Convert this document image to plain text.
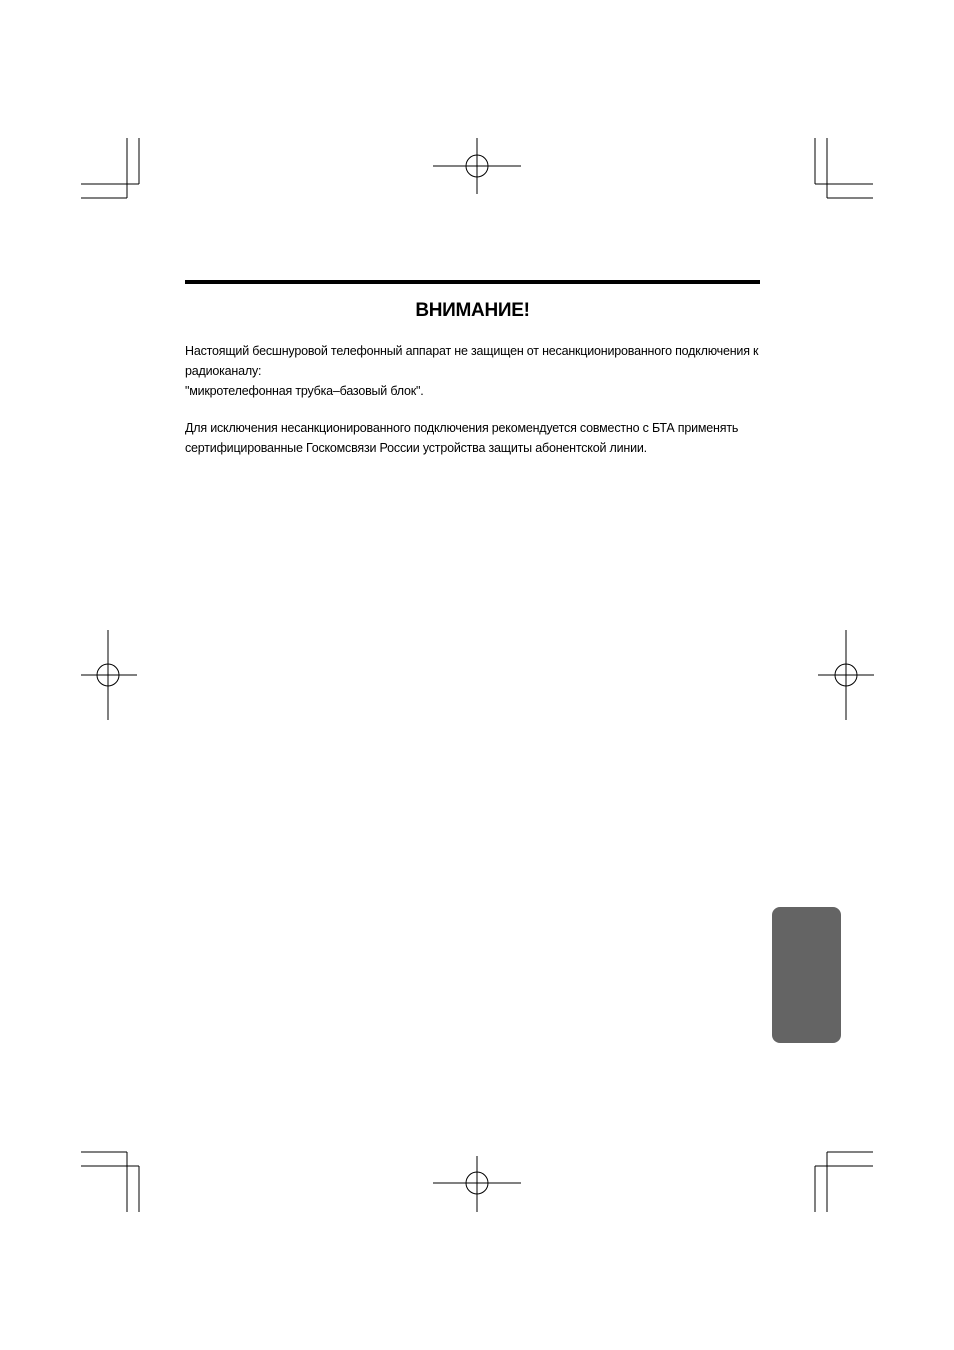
ВНИМАНИЕ!

Настоящий бесшнуровой телефонный аппарат не защищен от несанкционированного подключения к
радиоканалу:
"микротелефонная трубка–базовый блок".

Для исключения несанкционированного подключения рекомендуется совместно с БТА применять
сертифицированные Госкомсвязи России устройства защиты абонентской линии.
